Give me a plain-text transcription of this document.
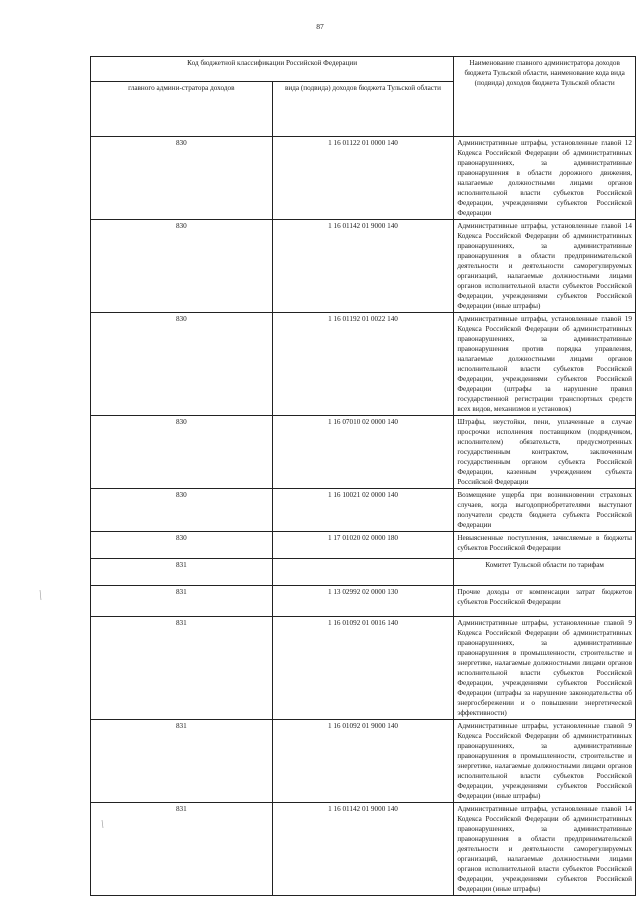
87
Код бюджетной классификации Российской Федерации		Наименование главного администратора доходов бюджета Тульской области, наименование кода вида (подвида) доходов бюджета Тульской области
главного админи-стратора доходов	вида (подвида) доходов бюджета Тульской области	
830	1 16 01122 01 0000 140	Административные штрафы, установленные главой 12 Кодекса Российской Федерации об административных правонарушениях, за административные правонарушения в области дорожного движения, налагаемые должностными лицами органов исполнительной власти субъектов Российской Федерации, учреждениями субъектов Российской Федерации
830	1 16 01142 01 9000 140	Административные штрафы, установленные главой 14 Кодекса Российской Федерации об административных правонарушениях, за административные правонарушения в области предпринимательской деятельности и деятельности саморегулируемых организаций, налагаемые должностными лицами органов исполнительной власти субъектов Российской Федерации, учреждениями субъектов Российской Федерации (иные штрафы)
830	1 16 01192 01 0022 140	Административные штрафы, установленные главой 19 Кодекса Российской Федерации об административных правонарушениях, за административные правонарушения против порядка управления, налагаемые должностными лицами органов исполнительной власти субъектов Российской Федерации, учреждениями субъектов Российской Федерации (штрафы за нарушение правил государственной регистрации транспортных средств всех видов, механизмов и установок)
830	1 16 07010 02 0000 140	Штрафы, неустойки, пени, уплаченные в случае просрочки исполнения поставщиком (подрядчиком, исполнителем) обязательств, предусмотренных государственным контрактом, заключенным государственным органом субъекта Российской Федерации, казенным учреждением субъекта Российской Федерации
830	1 16 10021 02 0000 140	Возмещение ущерба при возникновении страховых случаев, когда выгодоприобретателями выступают получатели средств бюджета субъекта Российской Федерации
830	1 17 01020 02 0000 180	Невыясненные поступления, зачисляемые в бюджеты субъектов Российской Федерации
831		Комитет Тульской области по тарифам
831	1 13 02992 02 0000 130	Прочие доходы от компенсации затрат бюджетов субъектов Российской Федерации
831	1 16 01092 01 0016 140	Административные штрафы, установленные главой 9 Кодекса Российской Федерации об административных правонарушениях, за административные правонарушения в промышленности, строительстве и энергетике, налагаемые должностными лицами органов исполнительной власти субъектов Российской Федерации, учреждениями субъектов Российской Федерации (штрафы за нарушение законодательства об энергосбережении и о повышении энергетической эффективности)
831	1 16 01092 01 9000 140	Административные штрафы, установленные главой 9 Кодекса Российской Федерации об административных правонарушениях, за административные правонарушения в промышленности, строительстве и энергетике, налагаемые должностными лицами органов исполнительной власти субъектов Российской Федерации, учреждениями субъектов Российской Федерации (иные штрафы)
831	1 16 01142 01 9000 140	Административные штрафы, установленные главой 14 Кодекса Российской Федерации об административных правонарушениях, за административные правонарушения в области предпринимательской деятельности и деятельности саморегулируемых организаций, налагаемые должностными лицами органов исполнительной власти субъектов Российской Федерации, учреждениями субъектов Российской Федерации (иные штрафы)
